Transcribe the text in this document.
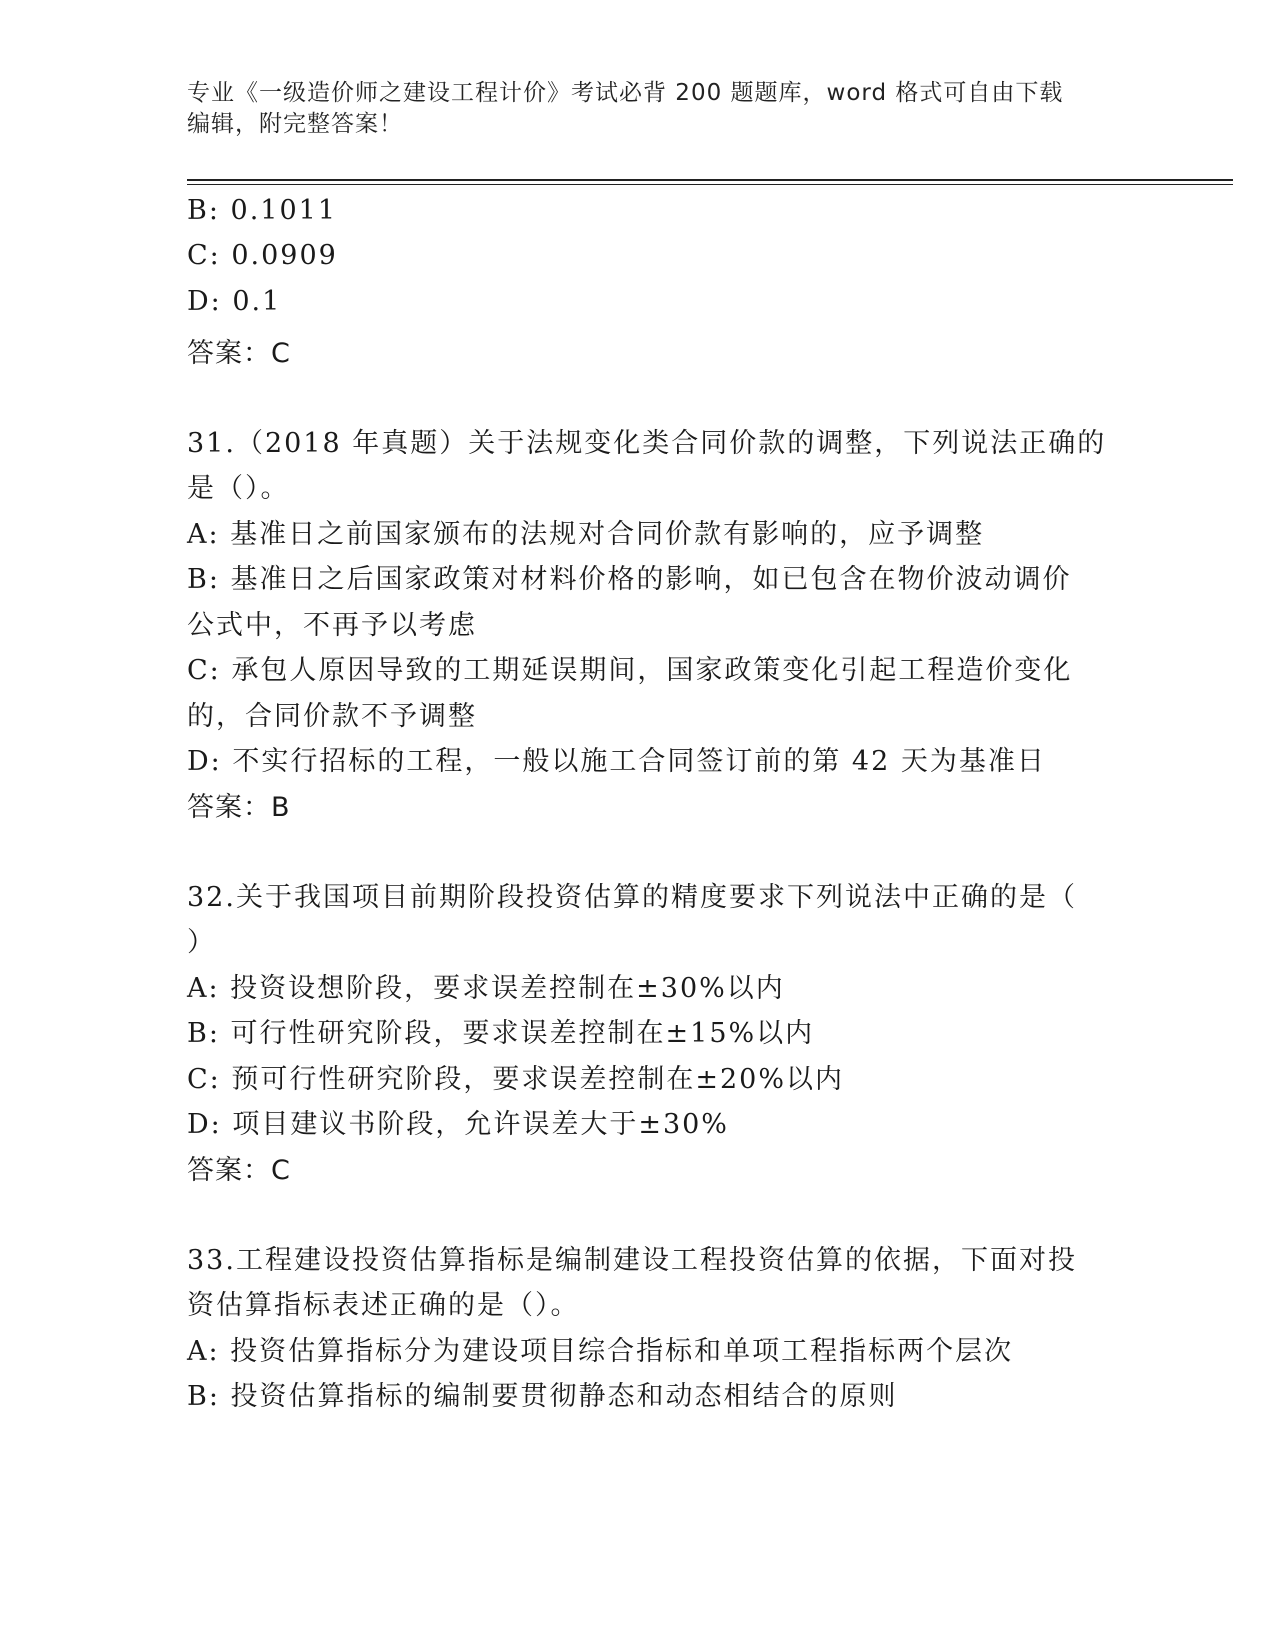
专业《一级造价师之建设工程计价》考试必背 200 题题库，word 格式可自由下载
编辑，附完整答案！
B: 0.1011
C: 0.0909
D: 0.1
答案：C
31.（2018 年真题）关于法规变化类合同价款的调整，下列说法正确的
是（）。
A: 基准日之前国家颁布的法规对合同价款有影响的，应予调整
B: 基准日之后国家政策对材料价格的影响，如已包含在物价波动调价
公式中，不再予以考虑
C: 承包人原因导致的工期延误期间，国家政策变化引起工程造价变化
的，合同价款不予调整
D: 不实行招标的工程，一般以施工合同签订前的第 42 天为基准日
答案：B
32.关于我国项目前期阶段投资估算的精度要求下列说法中正确的是（
）
A: 投资设想阶段，要求误差控制在±30%以内
B: 可行性研究阶段，要求误差控制在±15%以内
C: 预可行性研究阶段，要求误差控制在±20%以内
D: 项目建议书阶段，允许误差大于±30%
答案：C
33.工程建设投资估算指标是编制建设工程投资估算的依据，下面对投
资估算指标表述正确的是（）。
A: 投资估算指标分为建设项目综合指标和单项工程指标两个层次
B: 投资估算指标的编制要贯彻静态和动态相结合的原则
